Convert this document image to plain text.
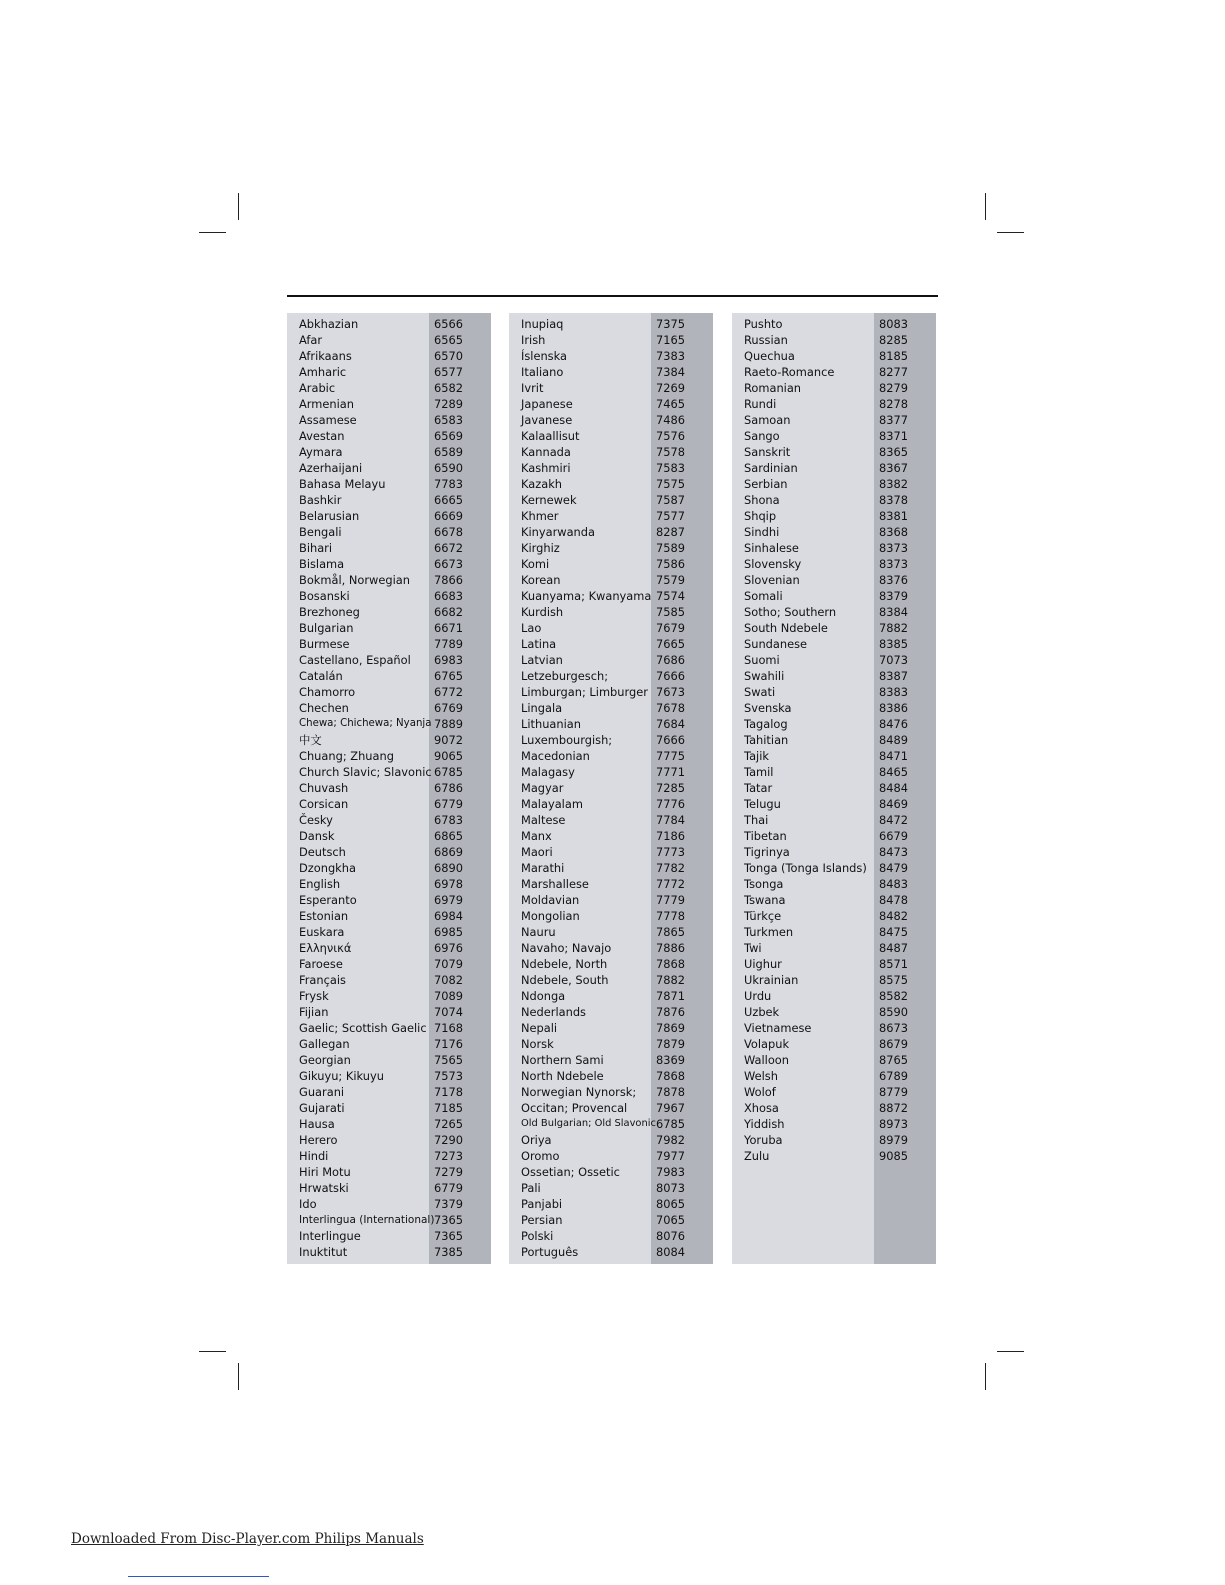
Abkhazian	6566
Afar	6565
Afrikaans	6570
Amharic	6577
Arabic	6582
Armenian	7289
Assamese	6583
Avestan	6569
Aymara	6589
Azerhaijani	6590
Bahasa Melayu	7783
Bashkir	6665
Belarusian	6669
Bengali	6678
Bihari	6672
Bislama	6673
Bokmål, Norwegian	7866
Bosanski	6683
Brezhoneg	6682
Bulgarian	6671
Burmese	7789
Castellano, Español	6983
Catalán	6765
Chamorro	6772
Chechen	6769
Chewa; Chichewa; Nyanja 7889
中文	9072
Chuang; Zhuang	9065
Church Slavic; Slavonic 6785
Chuvash	6786
Corsican	6779
Česky	6783
Dansk	6865
Deutsch	6869
Dzongkha	6890
English	6978
Esperanto	6979
Estonian	6984
Euskara	6985
Ελληνικά	6976
Faroese	7079
Français	7082
Frysk	7089
Fijian	7074
Gaelic; Scottish Gaelic 7168
Gallegan	7176
Georgian	7565
Gikuyu; Kikuyu	7573
Guarani	7178
Gujarati	7185
Hausa	7265
Herero	7290
Hindi	7273
Hiri Motu	7279
Hrwatski	6779
Ido	7379
Interlingua (International) 7365
Interlingue	7365
Inuktitut	7385
Inupiaq	7375
Irish	7165
Íslenska	7383
Italiano	7384
Ivrit	7269
Japanese	7465
Javanese	7486
Kalaallisut	7576
Kannada	7578
Kashmiri	7583
Kazakh	7575
Kernewek	7587
Khmer	7577
Kinyarwanda	8287
Kirghiz	7589
Komi	7586
Korean	7579
Kuanyama; Kwanyama 7574
Kurdish	7585
Lao	7679
Latina	7665
Latvian	7686
Letzeburgesch;	7666
Limburgan; Limburger 7673
Lingala	7678
Lithuanian	7684
Luxembourgish;	7666
Macedonian	7775
Malagasy	7771
Magyar	7285
Malayalam	7776
Maltese	7784
Manx	7186
Maori	7773
Marathi	7782
Marshallese	7772
Moldavian	7779
Mongolian	7778
Nauru	7865
Navaho; Navajo	7886
Ndebele, North	7868
Ndebele, South	7882
Ndonga	7871
Nederlands	7876
Nepali	7869
Norsk	7879
Northern Sami	8369
North Ndebele	7868
Norwegian Nynorsk;	7878
Occitan; Provencal	7967
Old Bulgarian; Old Slavonic 6785
Oriya	7982
Oromo	7977
Ossetian; Ossetic	7983
Pali	8073
Panjabi	8065
Persian	7065
Polski	8076
Português	8084
Pushto	8083
Russian	8285
Quechua	8185
Raeto-Romance	8277
Romanian	8279
Rundi	8278
Samoan	8377
Sango	8371
Sanskrit	8365
Sardinian	8367
Serbian	8382
Shona	8378
Shqip	8381
Sindhi	8368
Sinhalese	8373
Slovensky	8373
Slovenian	8376
Somali	8379
Sotho; Southern	8384
South Ndebele	7882
Sundanese	8385
Suomi	7073
Swahili	8387
Swati	8383
Svenska	8386
Tagalog	8476
Tahitian	8489
Tajik	8471
Tamil	8465
Tatar	8484
Telugu	8469
Thai	8472
Tibetan	6679
Tigrinya	8473
Tonga (Tonga Islands)	8479
Tsonga	8483
Tswana	8478
Türkçe	8482
Turkmen	8475
Twi	8487
Uighur	8571
Ukrainian	8575
Urdu	8582
Uzbek	8590
Vietnamese	8673
Volapuk	8679
Walloon	8765
Welsh	6789
Wolof	8779
Xhosa	8872
Yiddish	8973
Yoruba	8979
Zulu	9085
Downloaded From Disc-Player.com Philips Manuals
